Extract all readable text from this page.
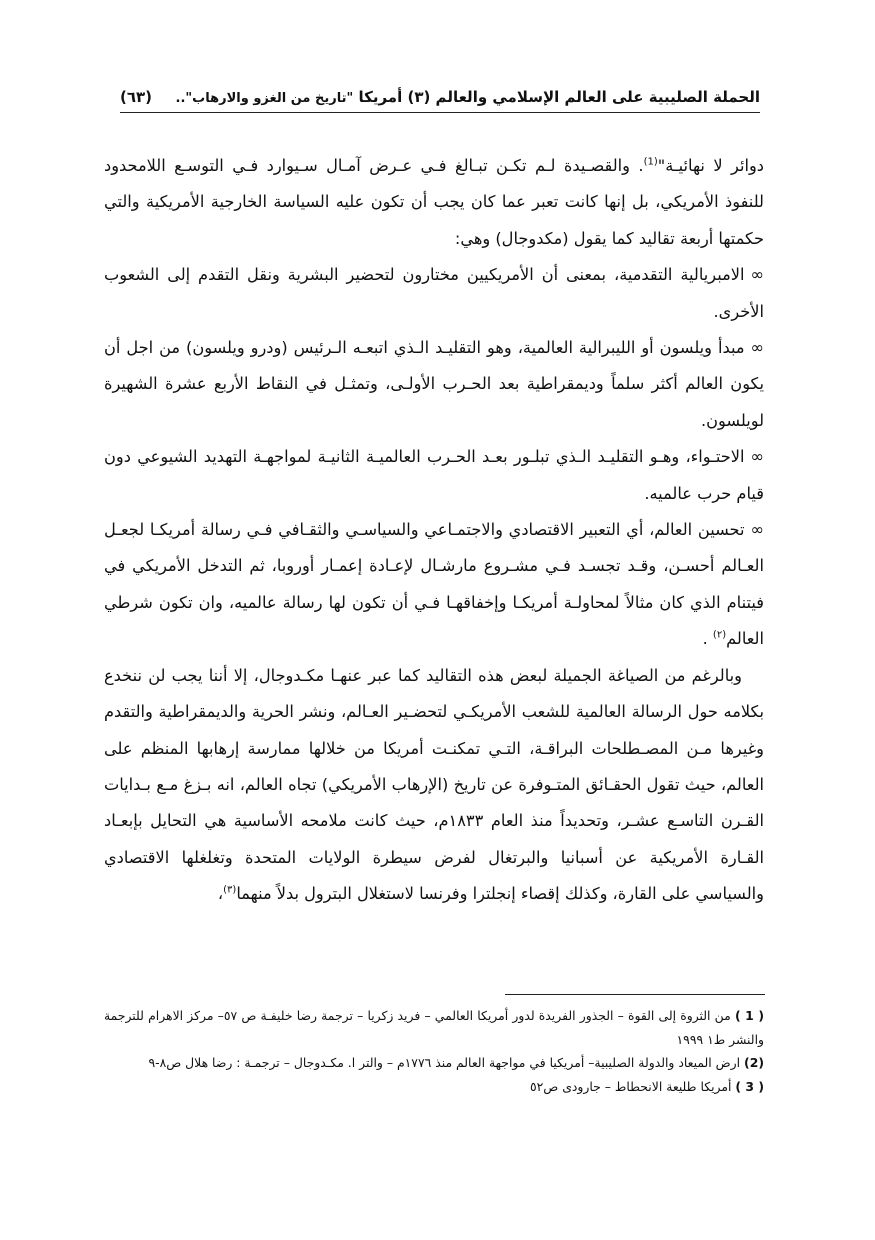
الحملة الصليبية على العالم الإسلامي والعالم (٣) أمريكا "تاريخ من الغزو والارهاب"..
(٦٣)

دوائر لا نهائيـة"$^{(1)}$. والقصـيدة لـم تكـن تبـالغ فـي عـرض آمـال سـيوارد فـي التوسـع اللامحدود للنفوذ الأمريكي، بل إنها كانت تعبر عما كان يجب أن تكون عليه السياسة الخارجية الأمريكية والتي حكمتها أربعة تقاليد كما يقول (مكدوجال) وهي:

∞الامبريالية التقدمية، بمعنى أن الأمريكيين مختارون لتحضير البشرية ونقل التقدم إلى الشعوب الأخرى.

∞مبدأ ويلسون أو الليبرالية العالمية، وهو التقليـد الـذي اتبعـه الـرئيس (ودرو ويلسون) من اجل أن يكون العالم أكثر سلماً وديمقراطية بعد الحـرب الأولـى، وتمثـل في النقاط الأربع عشرة الشهيرة لويلسون.

∞الاحتـواء، وهـو التقليـد الـذي تبلـور بعـد الحـرب العالميـة الثانيـة لمواجهـة التهديد الشيوعي دون قيام حرب عالميه.

∞تحسين العالم، أي التعبير الاقتصادي والاجتمـاعي والسياسـي والثقـافي فـي رسالة أمريكـا لجعـل العـالم أحسـن، وقـد تجسـد فـي مشـروع مارشـال لإعـادة إعمـار أوروبا، ثم التدخل الأمريكي في فيتنام الذي كان مثالاً لمحاولـة أمريكـا وإخفاقهـا فـي أن تكون لها رسالة عالميه، وان تكون شرطي العالم$^{(٢)}$ .

وبالرغم من الصياغة الجميلة لبعض هذه التقاليد كما عبر عنهـا مكـدوجال، إلا أننا يجب لن ننخدع بكلامه حول الرسالة العالمية للشعب الأمريكـي لتحضـير العـالم، ونشر الحرية والديمقراطية والتقدم وغيرها مـن المصـطلحات البراقـة، التـي تمكنـت أمريكا من خلالها ممارسة إرهابها المنظم على العالم، حيث تقول الحقـائق المتـوفرة عن تاريخ (الإرهاب الأمريكي) تجاه العالم، انه بـزغ مـع بـدايات القـرن التاسـع عشـر، وتحديداً منذ العام ١٨٣٣م، حيث كانت ملامحه الأساسية هي التحايل بإبعـاد القـارة الأمريكية عن أسبانيا والبرتغال لفرض سيطرة الولايات المتحدة وتغلغلها الاقتصادي والسياسي على القارة، وكذلك إقصاء إنجلترا وفرنسا لاستغلال البترول بدلاً منهما$^{(٣)}$،

( 1 ) من الثروة إلى القوة – الجذور الفريدة لدور أمريكا العالمي – فريد زكريا – ترجمة رضا خليفـة ص ٥٧– مركز الاهرام للترجمة والنشر ط١ ١٩٩٩

(2) ارض الميعاد والدولة الصليبية– أمريكيا في مواجهة العالم منذ ١٧٧٦م – والتر ا. مكـدوجال – ترجمـة : رضا هلال ص٨-٩

( 3 ) أمريكا طليعة الانحطاط – جارودى ص٥٢
